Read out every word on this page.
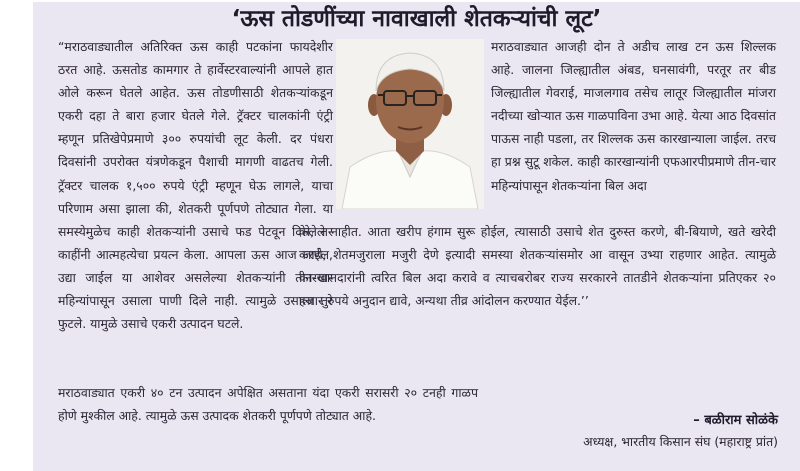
‘ऊस तोडणींच्या नावाखाली शेतकऱ्यांची लूट’

“मराठवाड्यातील अतिरिक्त ऊस काही पटकांना फायदेशीर ठरत आहे. ऊसतोड कामगार ते हार्वेस्टरवाल्यांनी आपले हात ओले करून घेतले आहेत. ऊस तोडणीसाठी शेतकऱ्यांकडून एकरी दहा ते बारा हजार घेतले गेले. ट्रॅक्टर चालकांनी एंट्री म्हणून प्रतिखेपेप्रमाणे ३०० रुपयांची लूट केली. दर पंधरा दिवसांनी उपरोक्त यंत्रणेकडून पैशाची मागणी वाढतच गेली. ट्रॅक्टर चालक १,५०० रुपये एंट्री म्हणून घेऊ लागले, याचा परिणाम असा झाला की, शेतकरी पूर्णपणे तोट्यात गेला. या समस्येमुळेच काही शेतकऱ्यांनी उसाचे फड पेटवून दिले, तर काहींनी आत्महत्येचा प्रयत्न केला. आपला ऊस आज जाईल, उद्या जाईल या आशेवर असलेल्या शेतकऱ्यांनी तीन-चार महिन्यांपासून उसाला पाणी दिले नाही. त्यामुळे उसाला तुरे फुटले. यामुळे उसाचे एकरी उत्पादन घटले.

मराठवाड्यात आजही दोन ते अडीच लाख टन ऊस शिल्लक आहे. जालना जिल्ह्यातील अंबड, घनसावंगी, परतूर तर बीड जिल्ह्यातील गेवराई, माजलगाव तसेच लातूर जिल्ह्यातील मांजरा नदीच्या खोऱ्यात ऊस गाळपाविना उभा आहे. येत्या आठ दिवसांत पाऊस नाही पडला, तर शिल्लक ऊस कारखान्याला जाईल. तरच हा प्रश्न सुटू शकेल. काही कारखान्यांनी एफआरपीप्रमाणे तीन-चार महिन्यांपासून शेतकऱ्यांना बिल अदा

केलेले नाहीत. आता खरीप हंगाम सुरू होईल, त्यासाठी उसाचे शेत दुरुस्त करणे, बी-बियाणे, खते खरेदी करणे, शेतमजुराला मजुरी देणे इत्यादी समस्या शेतकऱ्यांसमोर आ वासून उभ्या राहणार आहेत. त्यामुळे कारखानदारांनी त्वरित बिल अदा करावे व त्याचबरोबर राज्य सरकारने तातडीने शेतकऱ्यांना प्रतिएकर २० हजार रुपये अनुदान द्यावे, अन्यथा तीव्र आंदोलन करण्यात येईल.’’

मराठवाड्यात एकरी ४० टन उत्पादन अपेक्षित असताना यंदा एकरी सरासरी २० टनही गाळप होणे मुश्कील आहे. त्यामुळे ऊस उत्पादक शेतकरी पूर्णपणे तोट्यात आहे.	– बळीराम सोळंके
अध्यक्ष, भारतीय किसान संघ (महाराष्ट्र प्रांत)
